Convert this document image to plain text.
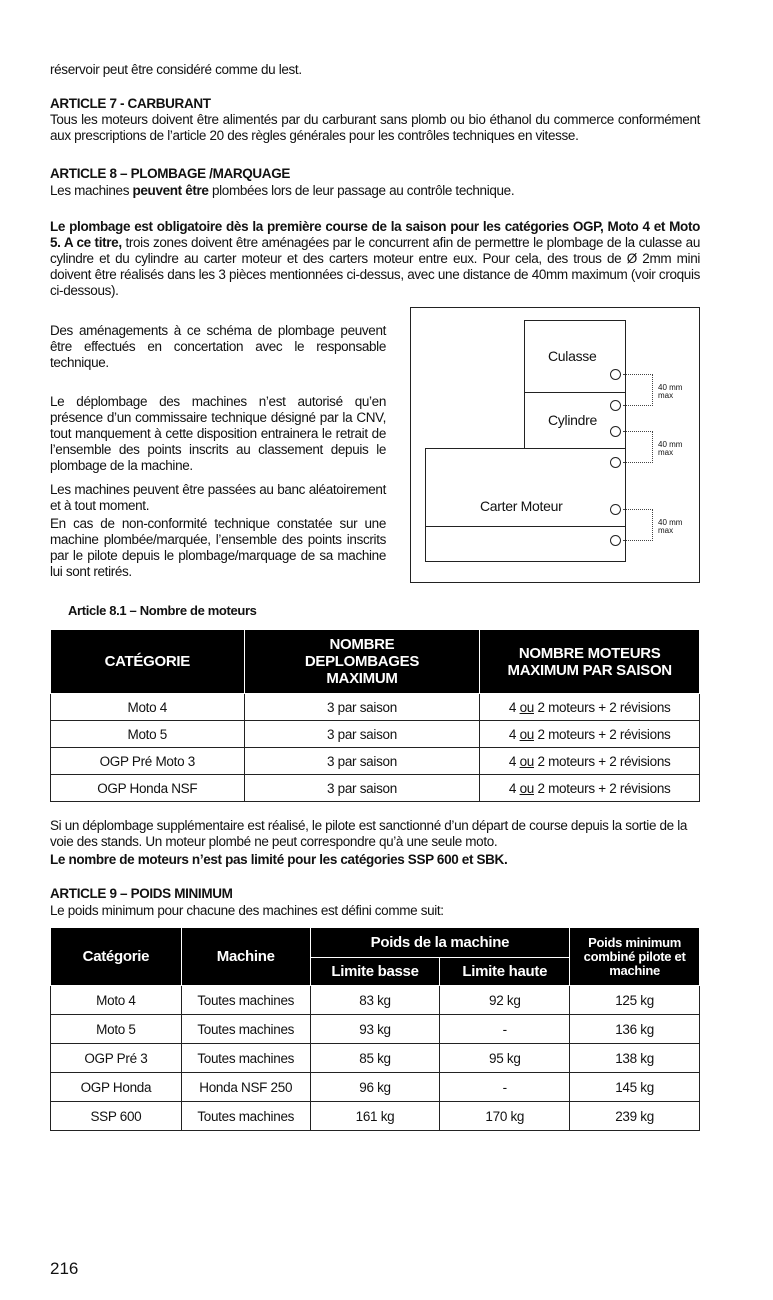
réservoir peut être considéré comme du lest.
ARTICLE 7 - CARBURANT
Tous les moteurs doivent être alimentés par du carburant sans plomb ou bio éthanol du commerce conformément aux prescriptions de l’article 20 des règles générales pour les contrôles techniques en vitesse.
ARTICLE 8 – PLOMBAGE /MARQUAGE
Les machines peuvent être plombées lors de leur passage au contrôle technique.
Le plombage est obligatoire dès la première course de la saison pour les catégories OGP, Moto 4 et Moto 5. A ce titre, trois zones doivent être aménagées par le concurrent afin de permettre le plombage de la culasse au cylindre et du cylindre au carter moteur et des carters moteur entre eux. Pour cela, des trous de Ø 2mm mini doivent être réalisés dans les 3 pièces mentionnées ci-dessus, avec une distance de 40mm maximum (voir croquis ci-dessous).
Des aménagements à ce schéma de plombage peuvent être effectués en concertation avec le responsable technique.
Le déplombage des machines n’est autorisé qu’en présence d’un commissaire technique désigné par la CNV, tout manquement à cette disposition entrainera le retrait de l’ensemble des points inscrits au classement depuis le plombage de la machine.
Les machines peuvent être passées au banc aléatoirement et à tout moment.
En cas de non-conformité technique constatée sur une machine plombée/marquée, l’ensemble des points inscrits par le pilote depuis le plombage/marquage de sa machine lui sont retirés.
Culasse
Cylindre
Carter Moteur
40 mm
max
40 mm
max
40 mm
max
Article 8.1 – Nombre de moteurs
CATÉGORIE	NOMBRE DEPLOMBAGES MAXIMUM	NOMBRE MOTEURS MAXIMUM PAR SAISON
Moto 4	3 par saison	4 ou 2 moteurs + 2 révisions
Moto 5	3 par saison	4 ou 2 moteurs + 2 révisions
OGP Pré Moto 3	3 par saison	4 ou 2 moteurs + 2 révisions
OGP Honda NSF	3 par saison	4 ou 2 moteurs + 2 révisions
Si un déplombage supplémentaire est réalisé, le pilote est sanctionné d’un départ de course depuis la sortie de la voie des stands. Un moteur plombé ne peut correspondre qu’à une seule moto.
Le nombre de moteurs n’est pas limité pour les catégories SSP 600 et SBK.
ARTICLE 9 – POIDS MINIMUM
Le poids minimum pour chacune des machines est défini comme suit:
Catégorie	Machine	Poids de la machine		Poids minimum combiné pilote et machine
		Limite basse	Limite haute	
Moto 4	Toutes machines	83 kg	92 kg	125 kg
Moto 5	Toutes machines	93 kg	-	136 kg
OGP Pré 3	Toutes machines	85 kg	95 kg	138 kg
OGP Honda	Honda NSF 250	96 kg	-	145 kg
SSP 600	Toutes machines	161 kg	170 kg	239 kg
216
